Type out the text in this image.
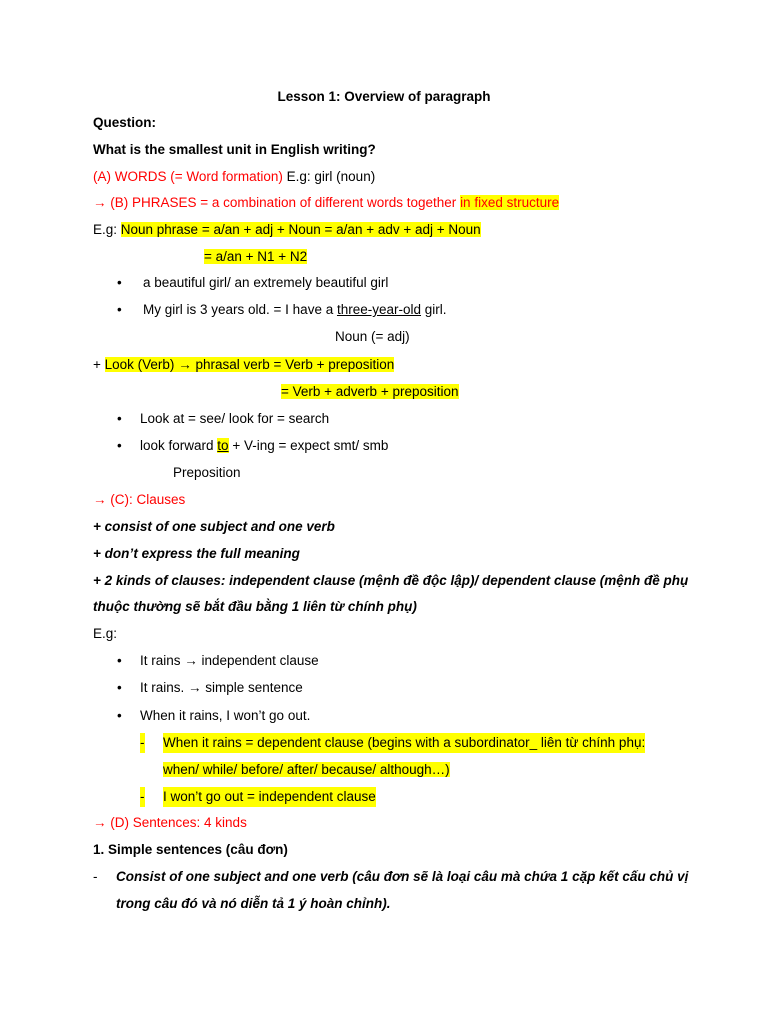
Lesson 1: Overview of paragraph
Question:
What is the smallest unit in English writing?
(A) WORDS (= Word formation) E.g: girl (noun)
→ (B) PHRASES = a combination of different words together in fixed structure
E.g: Noun phrase = a/an + adj + Noun = a/an + adv + adj + Noun
= a/an + N1 + N2
• a beautiful girl/ an extremely beautiful girl
• My girl is 3 years old. = I have a three-year-old girl.
Noun (= adj)
+ Look (Verb) → phrasal verb = Verb + preposition
= Verb + adverb + preposition
• Look at = see/ look for = search
• look forward to + V-ing = expect smt/ smb
Preposition
→ (C): Clauses
+ consist of one subject and one verb
+ don’t express the full meaning
+ 2 kinds of clauses: independent clause (mệnh đề độc lập)/ dependent clause (mệnh đề phụ
thuộc thường sẽ bắt đầu bằng 1 liên từ chính phụ)
E.g:
• It rains → independent clause
• It rains. → simple sentence
• When it rains, I won’t go out.
- When it rains = dependent clause (begins with a subordinator_ liên từ chính phụ:
when/ while/ before/ after/ because/ although…)
- I won’t go out = independent clause
→ (D) Sentences: 4 kinds
1. Simple sentences (câu đơn)
- Consist of one subject and one verb (câu đơn sẽ là loại câu mà chứa 1 cặp kết cấu chủ vị
trong câu đó và nó diễn tả 1 ý hoàn chỉnh).
